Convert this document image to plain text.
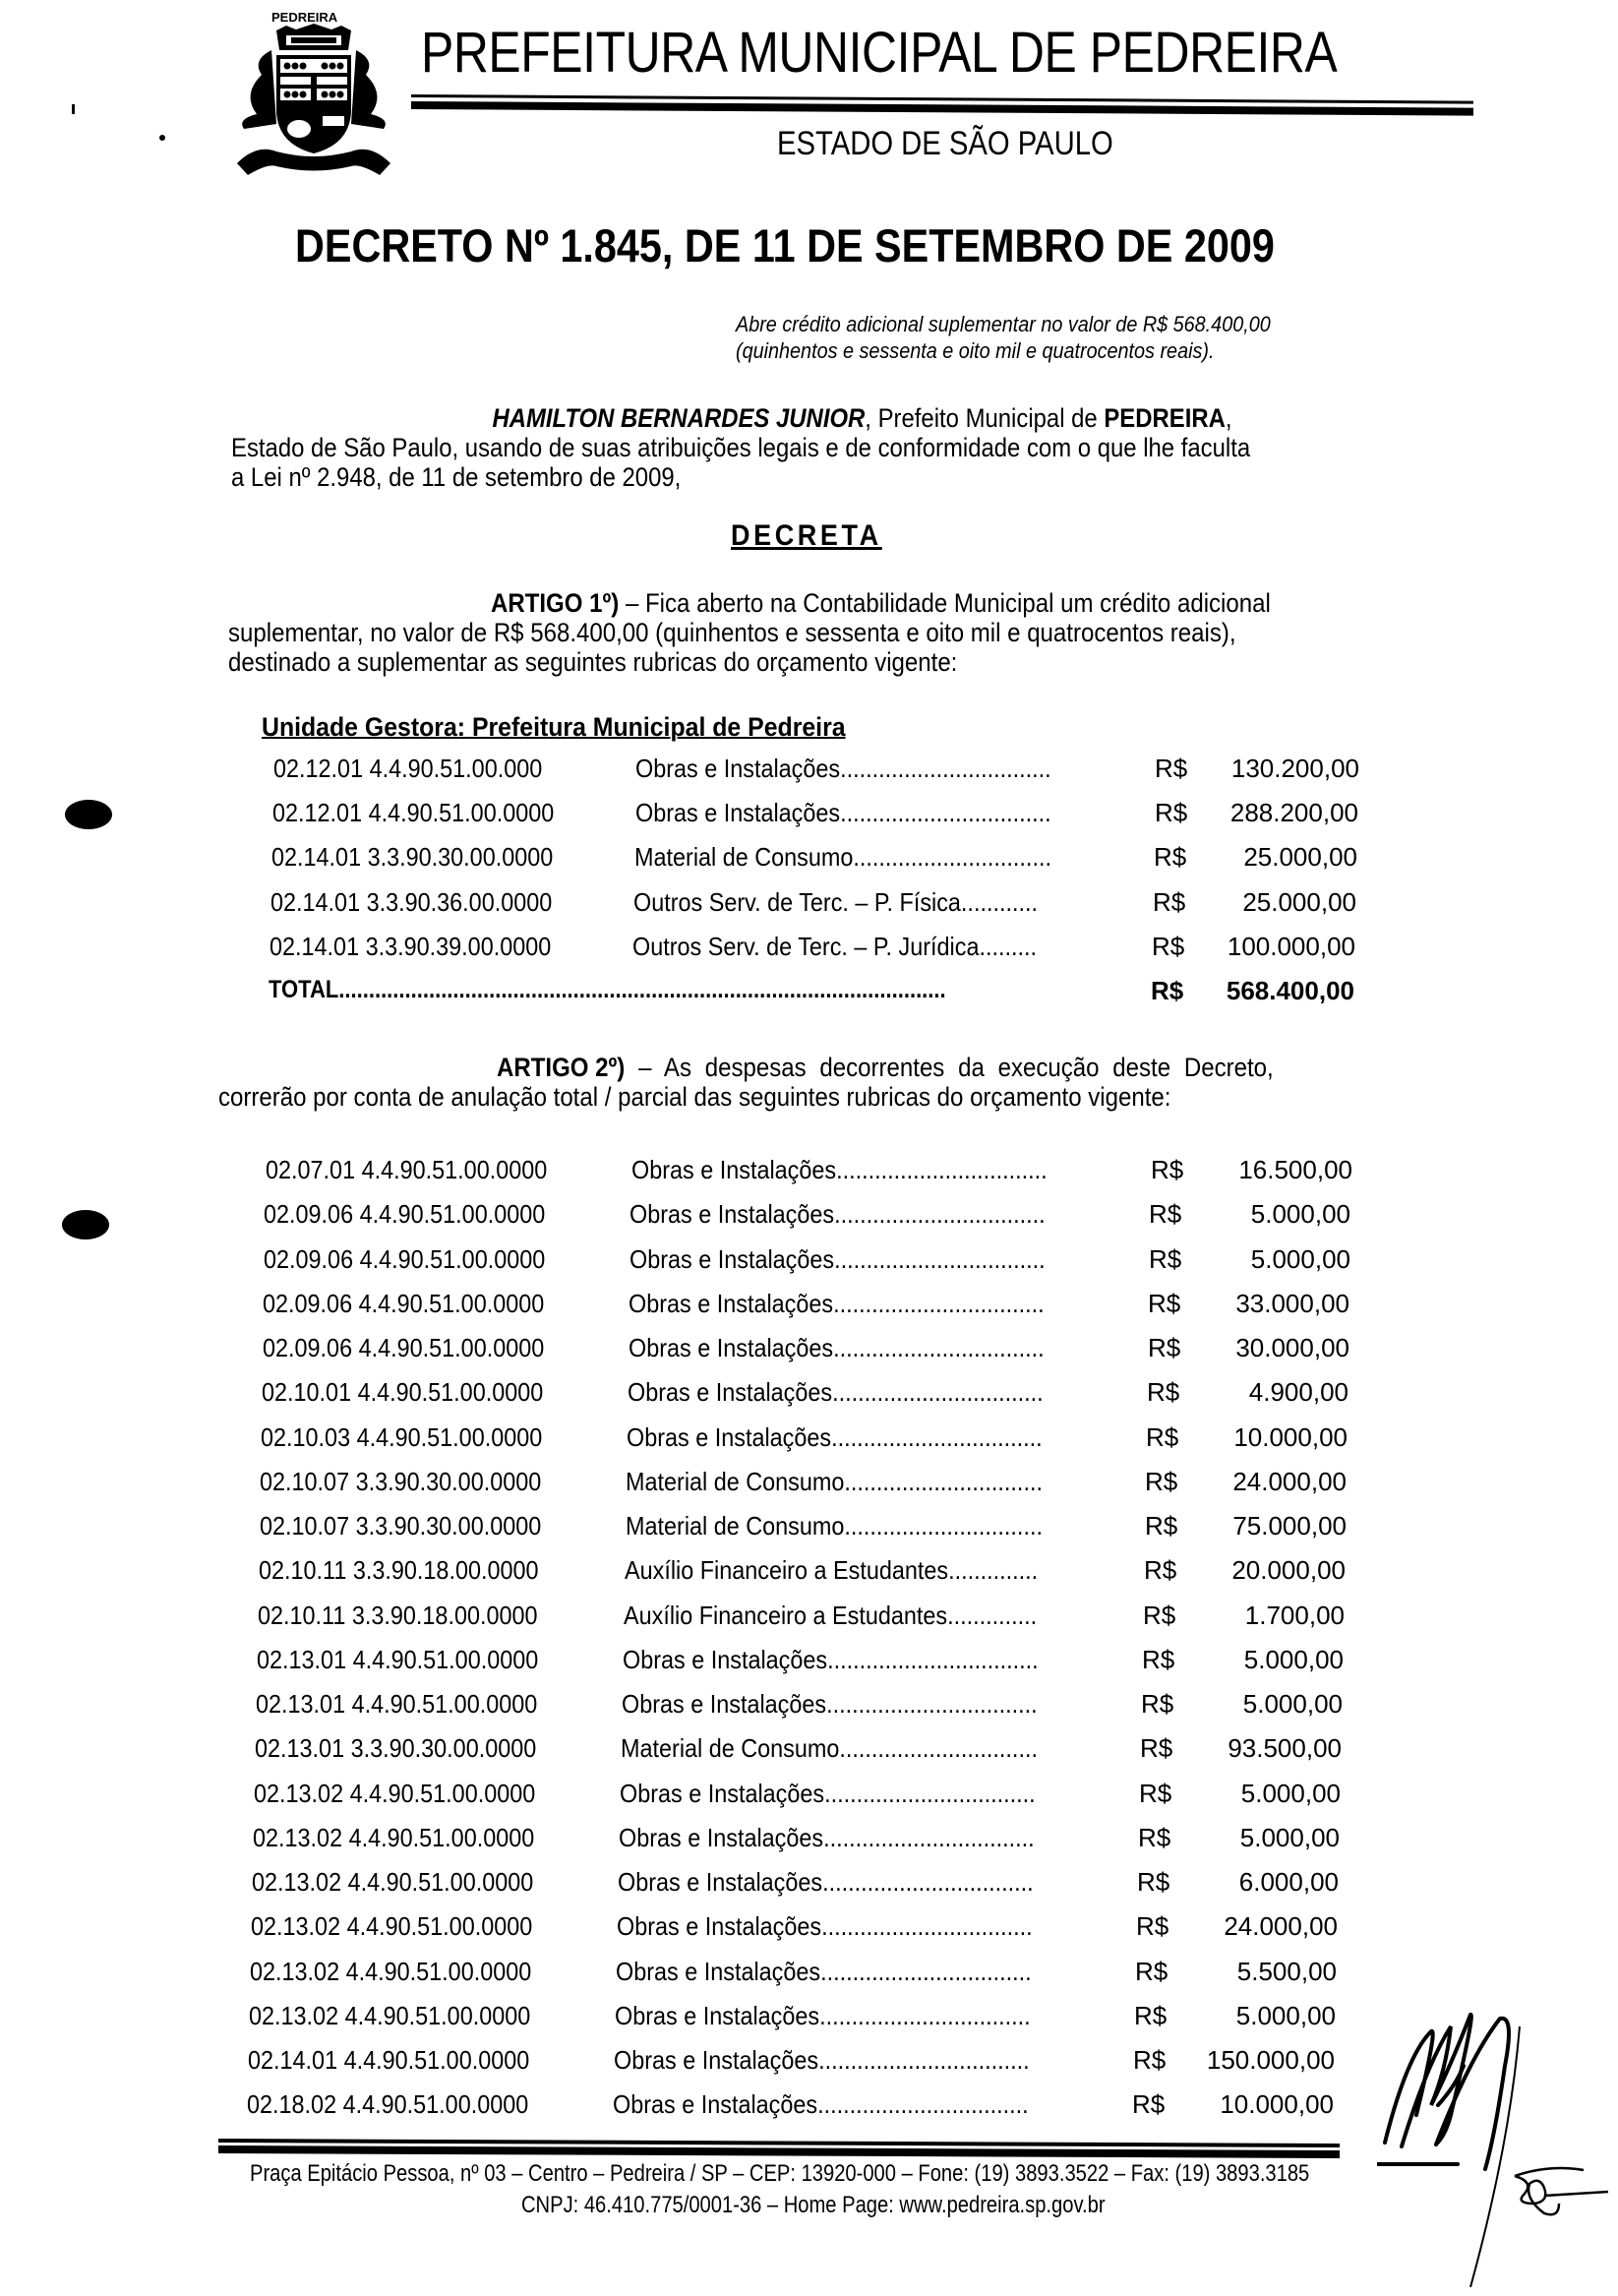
PEDREIRA
PREFEITURA MUNICIPAL DE PEDREIRA
ESTADO DE SÃO PAULO
DECRETO Nº 1.845, DE 11 DE SETEMBRO DE 2009
Abre crédito adicional suplementar no valor de R$ 568.400,00
(quinhentos e sessenta e oito mil e quatrocentos reais).
HAMILTON BERNARDES JUNIOR, Prefeito Municipal de PEDREIRA,
Estado de São Paulo, usando de suas atribuições legais e de conformidade com o que lhe faculta
a Lei nº 2.948, de 11 de setembro de 2009,
DECRETA
ARTIGO 1º) – Fica aberto na Contabilidade Municipal um crédito adicional
suplementar, no valor de R$ 568.400,00 (quinhentos e sessenta e oito mil e quatrocentos reais),
destinado a suplementar as seguintes rubricas do orçamento vigente:
Unidade Gestora: Prefeitura Municipal de Pedreira
02.12.01 4.4.90.51.00.000	Obras e Instalações.................................	R$	130.200,00
02.12.01 4.4.90.51.00.0000	Obras e Instalações.................................	R$	288.200,00
02.14.01 3.3.90.30.00.0000	Material de Consumo...............................	R$	25.000,00
02.14.01 3.3.90.36.00.0000	Outros Serv. de Terc. – P. Física............	R$	25.000,00
02.14.01 3.3.90.39.00.0000	Outros Serv. de Terc. – P. Jurídica.........	R$	100.000,00
TOTAL.....................................................................................................	R$	568.400,00
ARTIGO 2º) – As despesas decorrentes da execução deste Decreto,
correrão por conta de anulação total / parcial das seguintes rubricas do orçamento vigente:
02.07.01 4.4.90.51.00.0000	Obras e Instalações.................................	R$	16.500,00
02.09.06 4.4.90.51.00.0000	Obras e Instalações.................................	R$	5.000,00
02.09.06 4.4.90.51.00.0000	Obras e Instalações.................................	R$	5.000,00
02.09.06 4.4.90.51.00.0000	Obras e Instalações.................................	R$	33.000,00
02.09.06 4.4.90.51.00.0000	Obras e Instalações.................................	R$	30.000,00
02.10.01 4.4.90.51.00.0000	Obras e Instalações.................................	R$	4.900,00
02.10.03 4.4.90.51.00.0000	Obras e Instalações.................................	R$	10.000,00
02.10.07 3.3.90.30.00.0000	Material de Consumo...............................	R$	24.000,00
02.10.07 3.3.90.30.00.0000	Material de Consumo...............................	R$	75.000,00
02.10.11 3.3.90.18.00.0000	Auxílio Financeiro a Estudantes..............	R$	20.000,00
02.10.11 3.3.90.18.00.0000	Auxílio Financeiro a Estudantes..............	R$	1.700,00
02.13.01 4.4.90.51.00.0000	Obras e Instalações.................................	R$	5.000,00
02.13.01 4.4.90.51.00.0000	Obras e Instalações.................................	R$	5.000,00
02.13.01 3.3.90.30.00.0000	Material de Consumo...............................	R$	93.500,00
02.13.02 4.4.90.51.00.0000	Obras e Instalações.................................	R$	5.000,00
02.13.02 4.4.90.51.00.0000	Obras e Instalações.................................	R$	5.000,00
02.13.02 4.4.90.51.00.0000	Obras e Instalações.................................	R$	6.000,00
02.13.02 4.4.90.51.00.0000	Obras e Instalações.................................	R$	24.000,00
02.13.02 4.4.90.51.00.0000	Obras e Instalações.................................	R$	5.500,00
02.13.02 4.4.90.51.00.0000	Obras e Instalações.................................	R$	5.000,00
02.14.01 4.4.90.51.00.0000	Obras e Instalações.................................	R$	150.000,00
02.18.02 4.4.90.51.00.0000	Obras e Instalações.................................	R$	10.000,00
Praça Epitácio Pessoa, nº 03 – Centro – Pedreira / SP – CEP: 13920-000 – Fone: (19) 3893.3522 – Fax: (19) 3893.3185
CNPJ: 46.410.775/0001-36 – Home Page: www.pedreira.sp.gov.br
